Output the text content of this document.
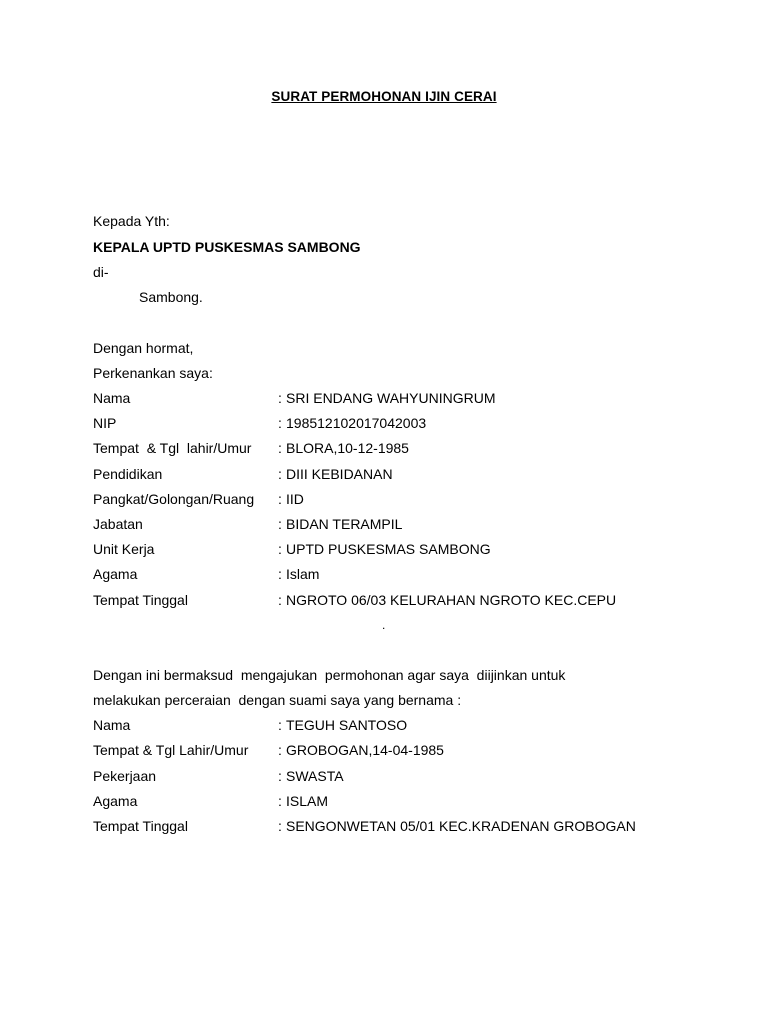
SURAT PERMOHONAN IJIN CERAI
Kepada Yth:
KEPALA UPTD PUSKESMAS SAMBONG
di-
Sambong.
Dengan hormat,
Perkenankan saya:
Nama	: SRI ENDANG WAHYUNINGRUM
NIP	: 198512102017042003
Tempat  & Tgl  lahir/Umur : BLORA,10-12-1985
Pendidikan	: DIII KEBIDANAN
Pangkat/Golongan/Ruang : IID
Jabatan	: BIDAN TERAMPIL
Unit Kerja	: UPTD PUSKESMAS SAMBONG
Agama	: Islam
Tempat Tinggal	: NGROTO 06/03 KELURAHAN NGROTO KEC.CEPU
.
Dengan ini bermaksud  mengajukan  permohonan agar saya  diijinkan untuk
melakukan perceraian  dengan suami saya yang bernama :
Nama	: TEGUH SANTOSO
Tempat & Tgl Lahir/Umur : GROBOGAN,14-04-1985
Pekerjaan	: SWASTA
Agama	: ISLAM
Tempat Tinggal	: SENGONWETAN 05/01 KEC.KRADENAN GROBOGAN
